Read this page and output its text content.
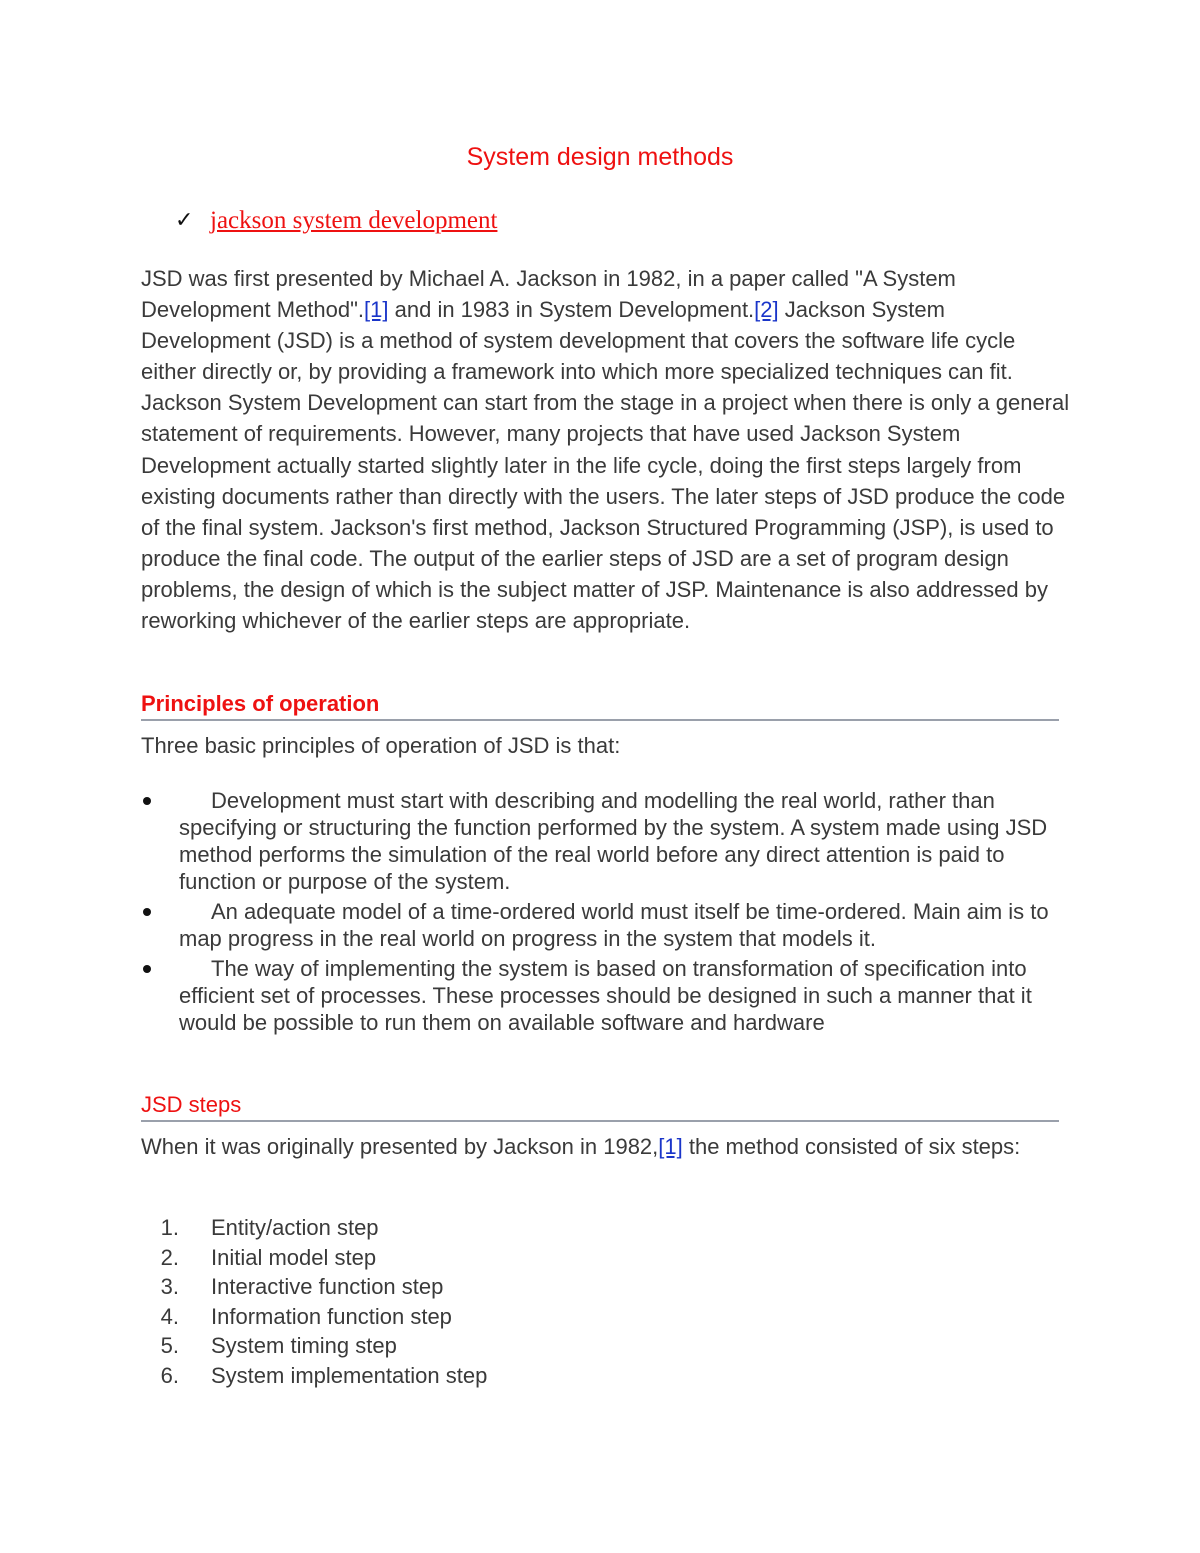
System design methods
✓ jackson system development

JSD was first presented by Michael A. Jackson in 1982, in a paper called "A System Development Method".[1] and in 1983 in System Development.[2] Jackson System Development (JSD) is a method of system development that covers the software life cycle either directly or, by providing a framework into which more specialized techniques can fit. Jackson System Development can start from the stage in a project when there is only a general statement of requirements. However, many projects that have used Jackson System Development actually started slightly later in the life cycle, doing the first steps largely from existing documents rather than directly with the users. The later steps of JSD produce the code of the final system. Jackson's first method, Jackson Structured Programming (JSP), is used to produce the final code. The output of the earlier steps of JSD are a set of program design problems, the design of which is the subject matter of JSP. Maintenance is also addressed by reworking whichever of the earlier steps are appropriate.

Principles of operation
Three basic principles of operation of JSD is that:
Development must start with describing and modelling the real world, rather than specifying or structuring the function performed by the system. A system made using JSD method performs the simulation of the real world before any direct attention is paid to function or purpose of the system.
An adequate model of a time-ordered world must itself be time-ordered. Main aim is to map progress in the real world on progress in the system that models it.
The way of implementing the system is based on transformation of specification into efficient set of processes. These processes should be designed in such a manner that it would be possible to run them on available software and hardware
JSD steps
When it was originally presented by Jackson in 1982,[1] the method consisted of six steps:
1. Entity/action step
2. Initial model step
3. Interactive function step
4. Information function step
5. System timing step
6. System implementation step
